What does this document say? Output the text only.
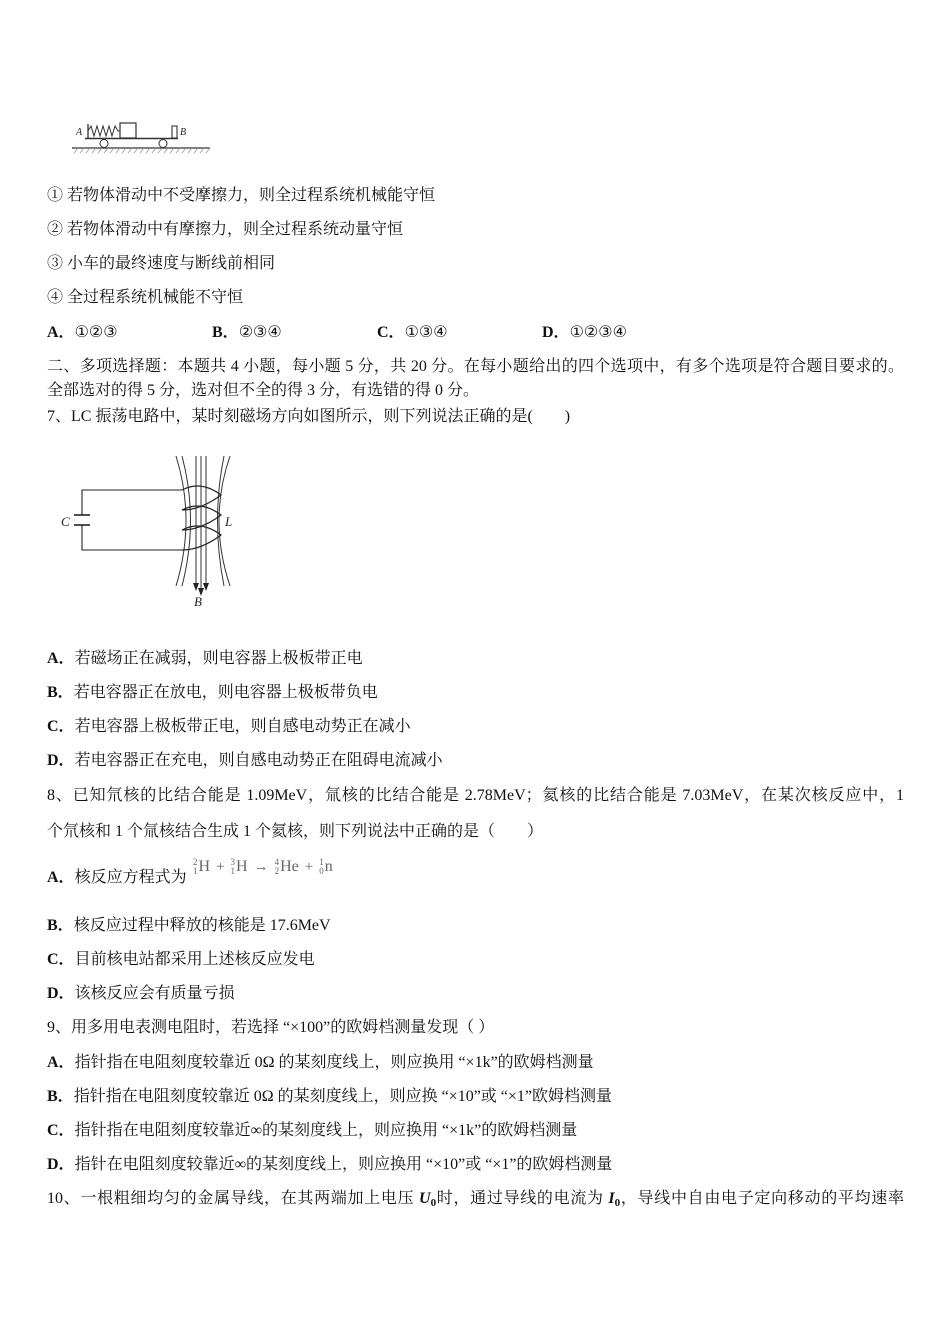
A	B
① 若物体滑动中不受摩擦力，则全过程系统机械能守恒
② 若物体滑动中有摩擦力，则全过程系统动量守恒
③ 小车的最终速度与断线前相同
④ 全过程系统机械能不守恒
A．①②③	B．②③④	C．①③④	D．①②③④
二、多项选择题：本题共 4 小题，每小题 5 分，共 20 分。在每小题给出的四个选项中，有多个选项是符合题目要求的。
全部选对的得 5 分，选对但不全的得 3 分，有选错的得 0 分。
7、LC 振荡电路中，某时刻磁场方向如图所示，则下列说法正确的是(　　)
C	L
B
A．若磁场正在减弱，则电容器上极板带正电
B．若电容器正在放电，则电容器上极板带负电
C．若电容器上极板带正电，则自感电动势正在减小
D．若电容器正在充电，则自感电动势正在阻碍电流减小
8、已知氘核的比结合能是 1.09MeV，氚核的比结合能是 2.78MeV；氦核的比结合能是 7.03MeV，在某次核反应中，1
个氘核和 1 个氚核结合生成 1 个氦核，则下列说法中正确的是（　　）
A．核反应方程式为
2
1 H + 3
1 H → 4
2 He + 1
0 n
B．核反应过程中释放的核能是 17.6MeV
C．目前核电站都采用上述核反应发电
D．该核反应会有质量亏损
9、用多用电表测电阻时，若选择 “×100”的欧姆档测量发现（ ）
A．指针指在电阻刻度较靠近 0Ω 的某刻度线上，则应换用 “×1k”的欧姆档测量
B．指针指在电阻刻度较靠近 0Ω 的某刻度线上，则应换 “×10”或 “×1”欧姆档测量
C．指针指在电阻刻度较靠近∞的某刻度线上，则应换用 “×1k”的欧姆档测量
D．指针在电阻刻度较靠近∞的某刻度线上，则应换用 “×10”或 “×1”的欧姆档测量
10、一根粗细均匀的金属导线，在其两端加上电压 $U_0$时，通过导线的电流为 $I_0$，导线中自由电子定向移动的平均速率
